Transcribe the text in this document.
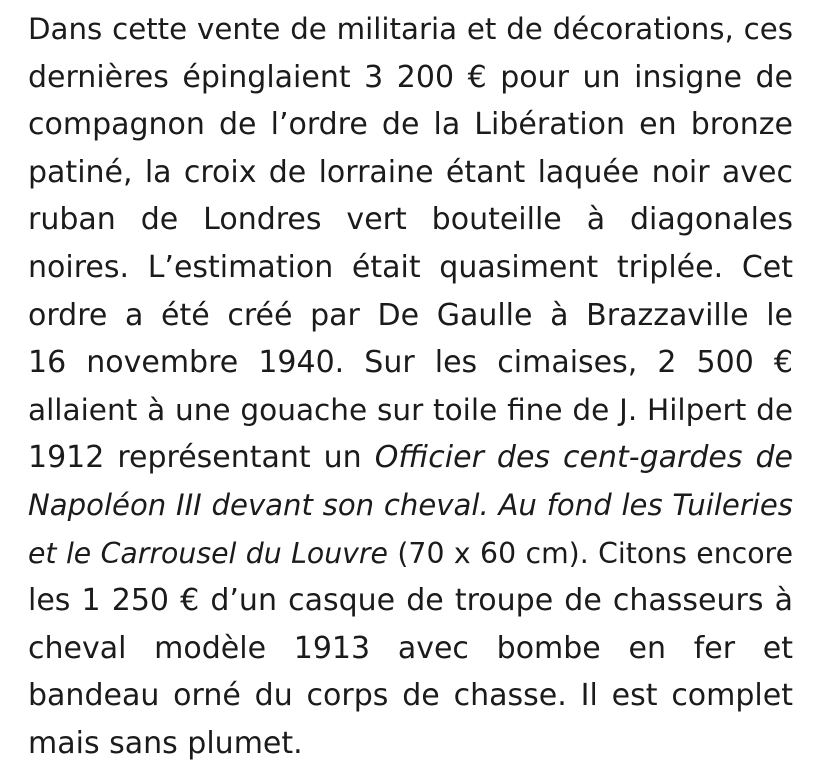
Dans cette vente de militaria et de décorations, ces
dernières épinglaient 3 200 € pour un insigne de
compagnon de l’ordre de la Libération en bronze
patiné, la croix de lorraine étant laquée noir avec
ruban de Londres vert bouteille à diagonales
noires. L’estimation était quasiment triplée. Cet
ordre a été créé par De Gaulle à Brazzaville le
16 novembre 1940. Sur les cimaises, 2 500 €
allaient à une gouache sur toile fine de J. Hilpert de
1912 représentant un Officier des cent-gardes de
Napoléon III devant son cheval. Au fond les Tuileries
et le Carrousel du Louvre (70 x 60 cm). Citons encore
les 1 250 € d’un casque de troupe de chasseurs à
cheval modèle 1913 avec bombe en fer et
bandeau orné du corps de chasse. Il est complet
mais sans plumet.
